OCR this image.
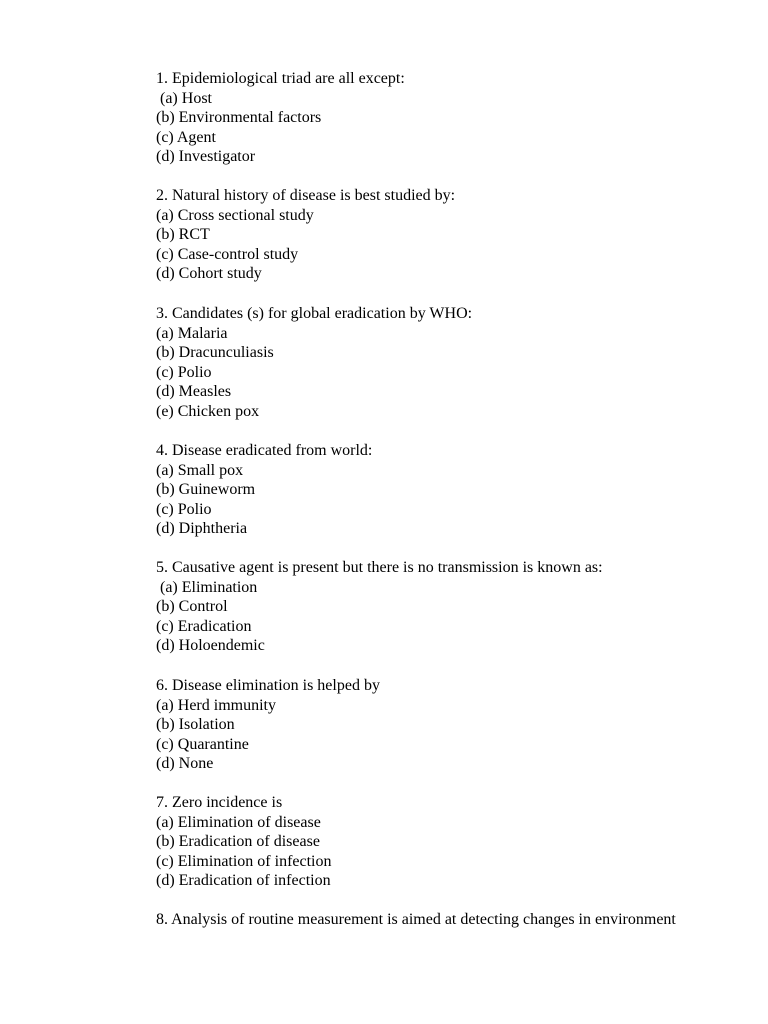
1. Epidemiological triad are all except:
(a) Host
(b) Environmental factors
(c) Agent
(d) Investigator
2. Natural history of disease is best studied by:
(a) Cross sectional study
(b) RCT
(c) Case-control study
(d) Cohort study
3. Candidates (s) for global eradication by WHO:
(a) Malaria
(b) Dracunculiasis
(c) Polio
(d) Measles
(e) Chicken pox
4. Disease eradicated from world:
(a) Small pox
(b) Guineworm
(c) Polio
(d) Diphtheria
5. Causative agent is present but there is no transmission is known as:
(a) Elimination
(b) Control
(c) Eradication
(d) Holoendemic
6. Disease elimination is helped by
(a) Herd immunity
(b) Isolation
(c) Quarantine
(d) None
7. Zero incidence is
(a) Elimination of disease
(b) Eradication of disease
(c) Elimination of infection
(d) Eradication of infection
8. Analysis of routine measurement is aimed at detecting changes in environment
